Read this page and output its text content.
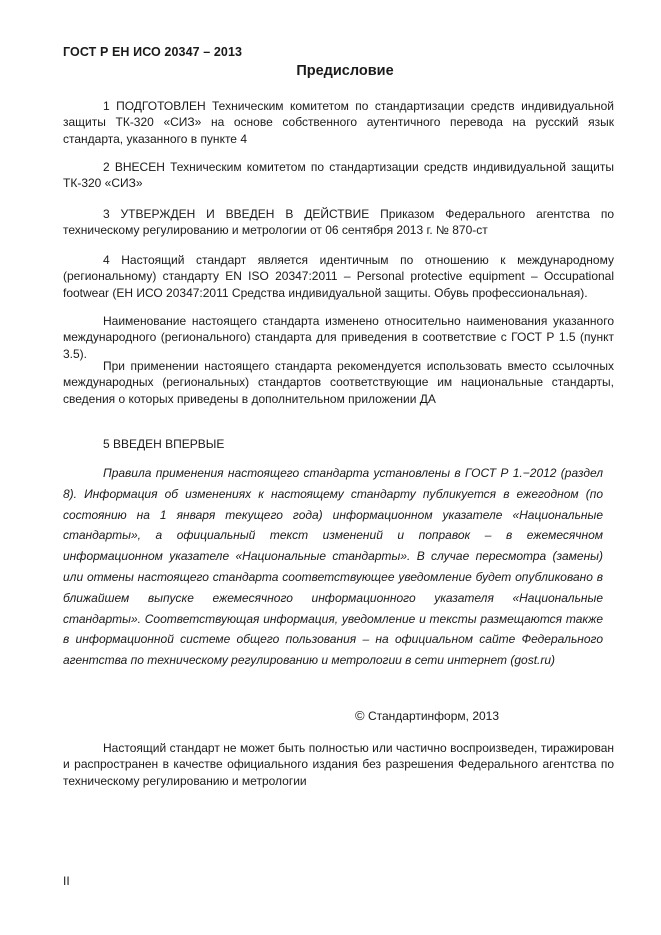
ГОСТ Р ЕН ИСО 20347 – 2013
Предисловие

1 ПОДГОТОВЛЕН Техническим комитетом по стандартизации средств индивидуальной защиты ТК-320 «СИЗ» на основе собственного аутентичного перевода на русский язык стандарта, указанного в пункте 4

2 ВНЕСЕН Техническим комитетом по стандартизации средств индивидуальной защиты ТК-320 «СИЗ»

3 УТВЕРЖДЕН И ВВЕДЕН В ДЕЙСТВИЕ Приказом Федерального агентства по техническому регулированию и метрологии от 06 сентября 2013 г. № 870-ст

4 Настоящий стандарт является идентичным по отношению к международному (региональному) стандарту EN ISO 20347:2011 – Personal protective equipment – Occupational footwear (ЕН ИСО 20347:2011 Средства индивидуальной защиты. Обувь профессиональная).

Наименование настоящего стандарта изменено относительно наименования указанного международного (регионального) стандарта для приведения в соответствие с ГОСТ Р 1.5 (пункт 3.5).

При применении настоящего стандарта рекомендуется использовать вместо ссылочных международных (региональных) стандартов соответствующие им национальные стандарты, сведения о которых приведены в дополнительном приложении ДА

5 ВВЕДЕН ВПЕРВЫЕ

Правила применения настоящего стандарта установлены в ГОСТ Р 1.−2012 (раздел 8). Информация об изменениях к настоящему стандарту публикуется в ежегодном (по состоянию на 1 января текущего года) информационном указателе «Национальные стандарты», а официальный текст изменений и поправок – в ежемесячном информационном указателе «Национальные стандарты». В случае пересмотра (замены) или отмены настоящего стандарта соответствующее уведомление будет опубликовано в ближайшем выпуске ежемесячного информационного указателя «Национальные стандарты». Соответствующая информация, уведомление и тексты размещаются также в информационной системе общего пользования – на официальном сайте Федерального агентства по техническому регулированию и метрологии в сети интернет (gost.ru)

© Стандартинформ, 2013

Настоящий стандарт не может быть полностью или частично воспроизведен, тиражирован и распространен в качестве официального издания без разрешения Федерального агентства по техническому регулированию и метрологии

II
